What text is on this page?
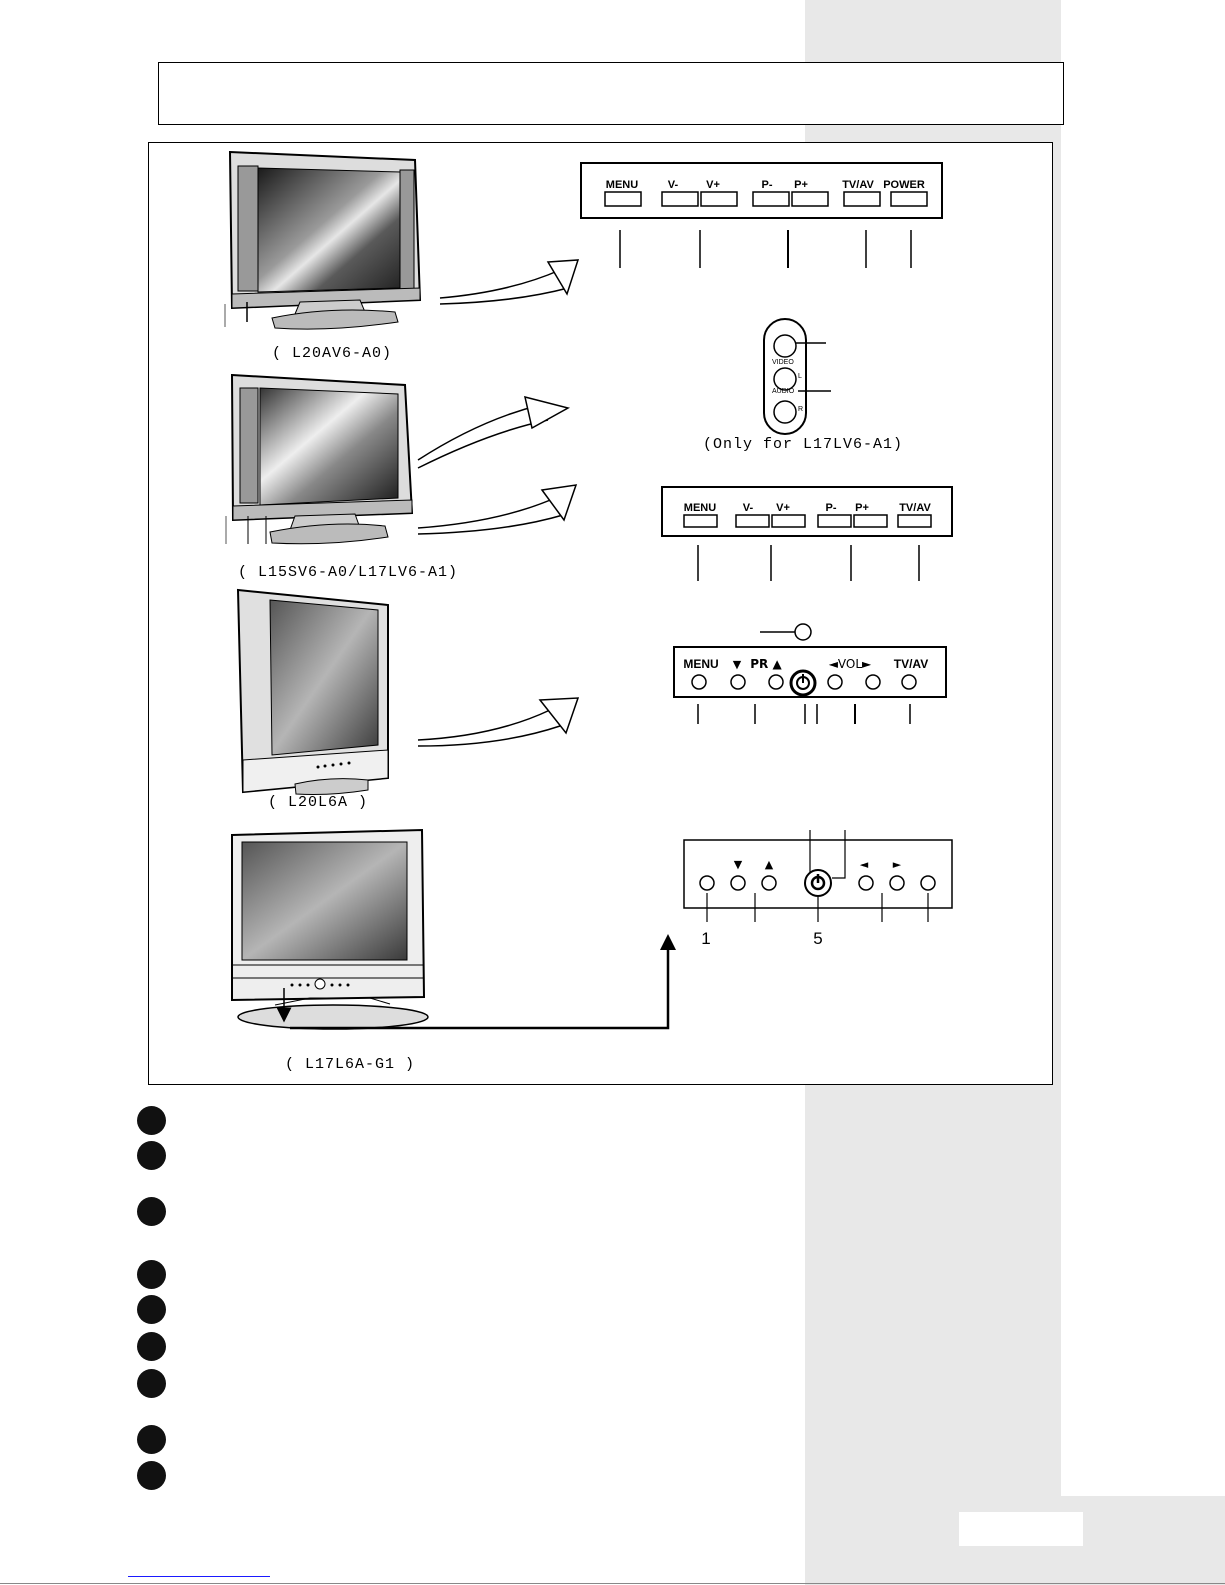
MENU	V-	V+	P- P+	TV/AV POWER
( L20AV6-A0)
VIDEO
AUDIO
L
R
(Only for L17LV6-A1)
MENU V- V+	P- P+	TV/AV
( L15SV6-A0/L17LV6-A1)
MENU ▼ PR ▲	◄VOL► TV/AV
( L20L6A )
▼ ▲	◄ ►
1	5
( L17L6A-G1 )
